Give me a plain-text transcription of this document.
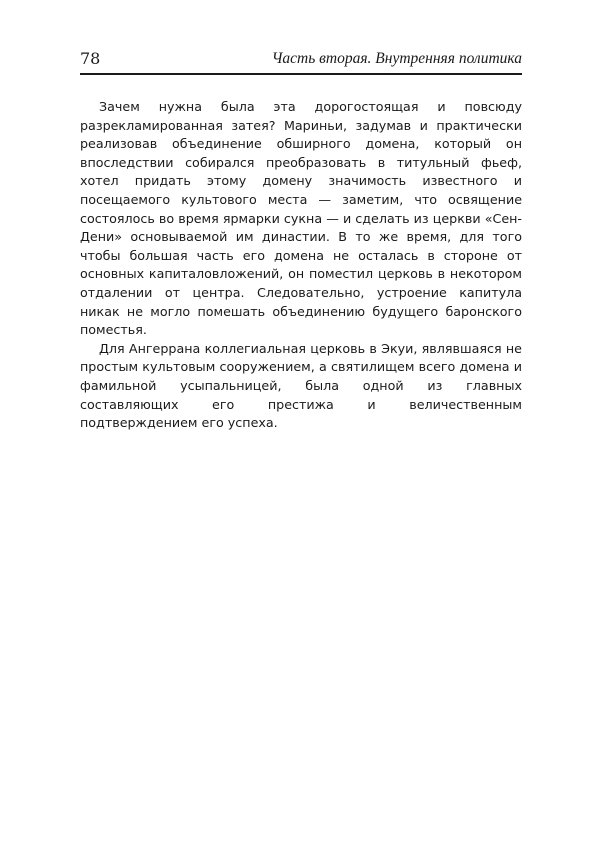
78	Часть вторая. Внутренняя политика

Зачем нужна была эта дорогостоящая и повсюду разрекламированная затея? Мариньи, задумав и практически реализовав объединение обширного домена, который он впоследствии собирался преобразовать в титульный фьеф, хотел придать этому домену значимость известного и посещаемого культового места — заметим, что освящение состоялось во время ярмарки сукна — и сделать из церкви «Сен-Дени» основываемой им династии. В то же время, для того чтобы большая часть его домена не осталась в стороне от основных капиталовложений, он поместил церковь в некотором отдалении от центра. Следовательно, устроение капитула никак не могло помешать объединению будущего баронского поместья.

Для Ангеррана коллегиальная церковь в Экуи, являвшаяся не простым культовым сооружением, а святилищем всего домена и фамильной усыпальницей, была одной из главных составляющих его престижа и величественным подтверждением его успеха.
